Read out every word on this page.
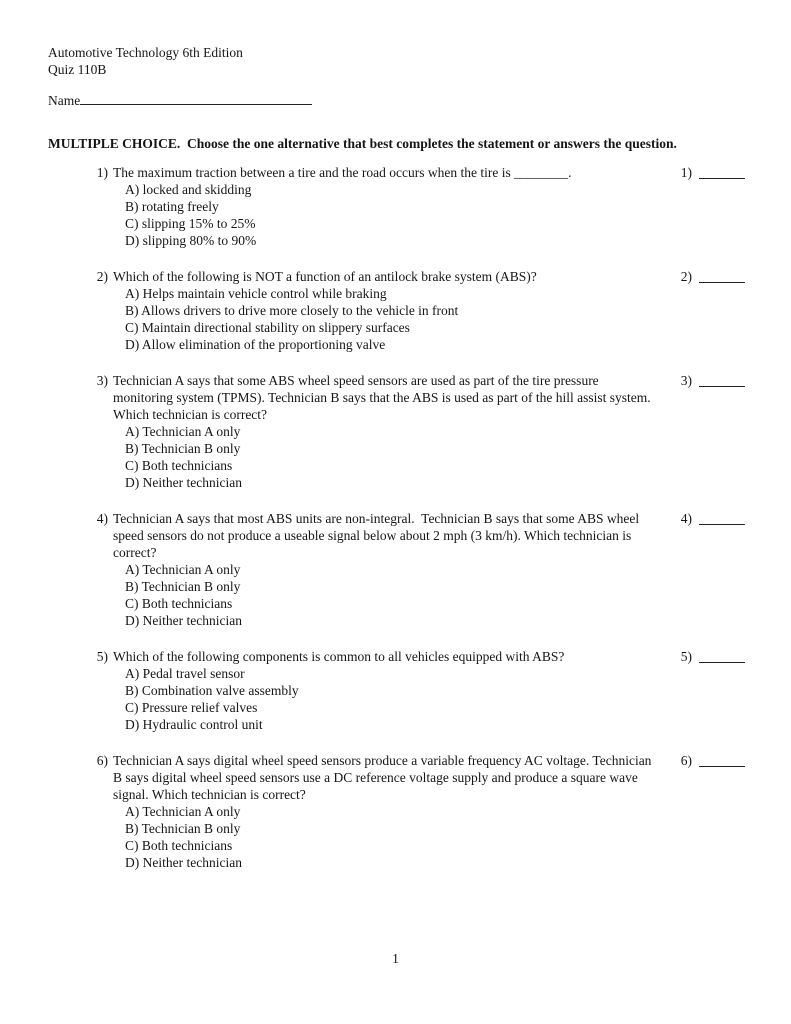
Automotive Technology 6th Edition
Quiz 110B
Name
MULTIPLE CHOICE.  Choose the one alternative that best completes the statement or answers the question.
1) The maximum traction between a tire and the road occurs when the tire is ________.
A) locked and skidding
B) rotating freely
C) slipping 15% to 25%
D) slipping 80% to 90%
1)
2) Which of the following is NOT a function of an antilock brake system (ABS)?
A) Helps maintain vehicle control while braking
B) Allows drivers to drive more closely to the vehicle in front
C) Maintain directional stability on slippery surfaces
D) Allow elimination of the proportioning valve
2)
3) Technician A says that some ABS wheel speed sensors are used as part of the tire pressure monitoring system (TPMS). Technician B says that the ABS is used as part of the hill assist system. Which technician is correct?
A) Technician A only
B) Technician B only
C) Both technicians
D) Neither technician
3)
4) Technician A says that most ABS units are non-integral.  Technician B says that some ABS wheel speed sensors do not produce a useable signal below about 2 mph (3 km/h). Which technician is correct?
A) Technician A only
B) Technician B only
C) Both technicians
D) Neither technician
4)
5) Which of the following components is common to all vehicles equipped with ABS?
A) Pedal travel sensor
B) Combination valve assembly
C) Pressure relief valves
D) Hydraulic control unit
5)
6) Technician A says digital wheel speed sensors produce a variable frequency AC voltage. Technician B says digital wheel speed sensors use a DC reference voltage supply and produce a square wave signal. Which technician is correct?
A) Technician A only
B) Technician B only
C) Both technicians
D) Neither technician
6)
1
